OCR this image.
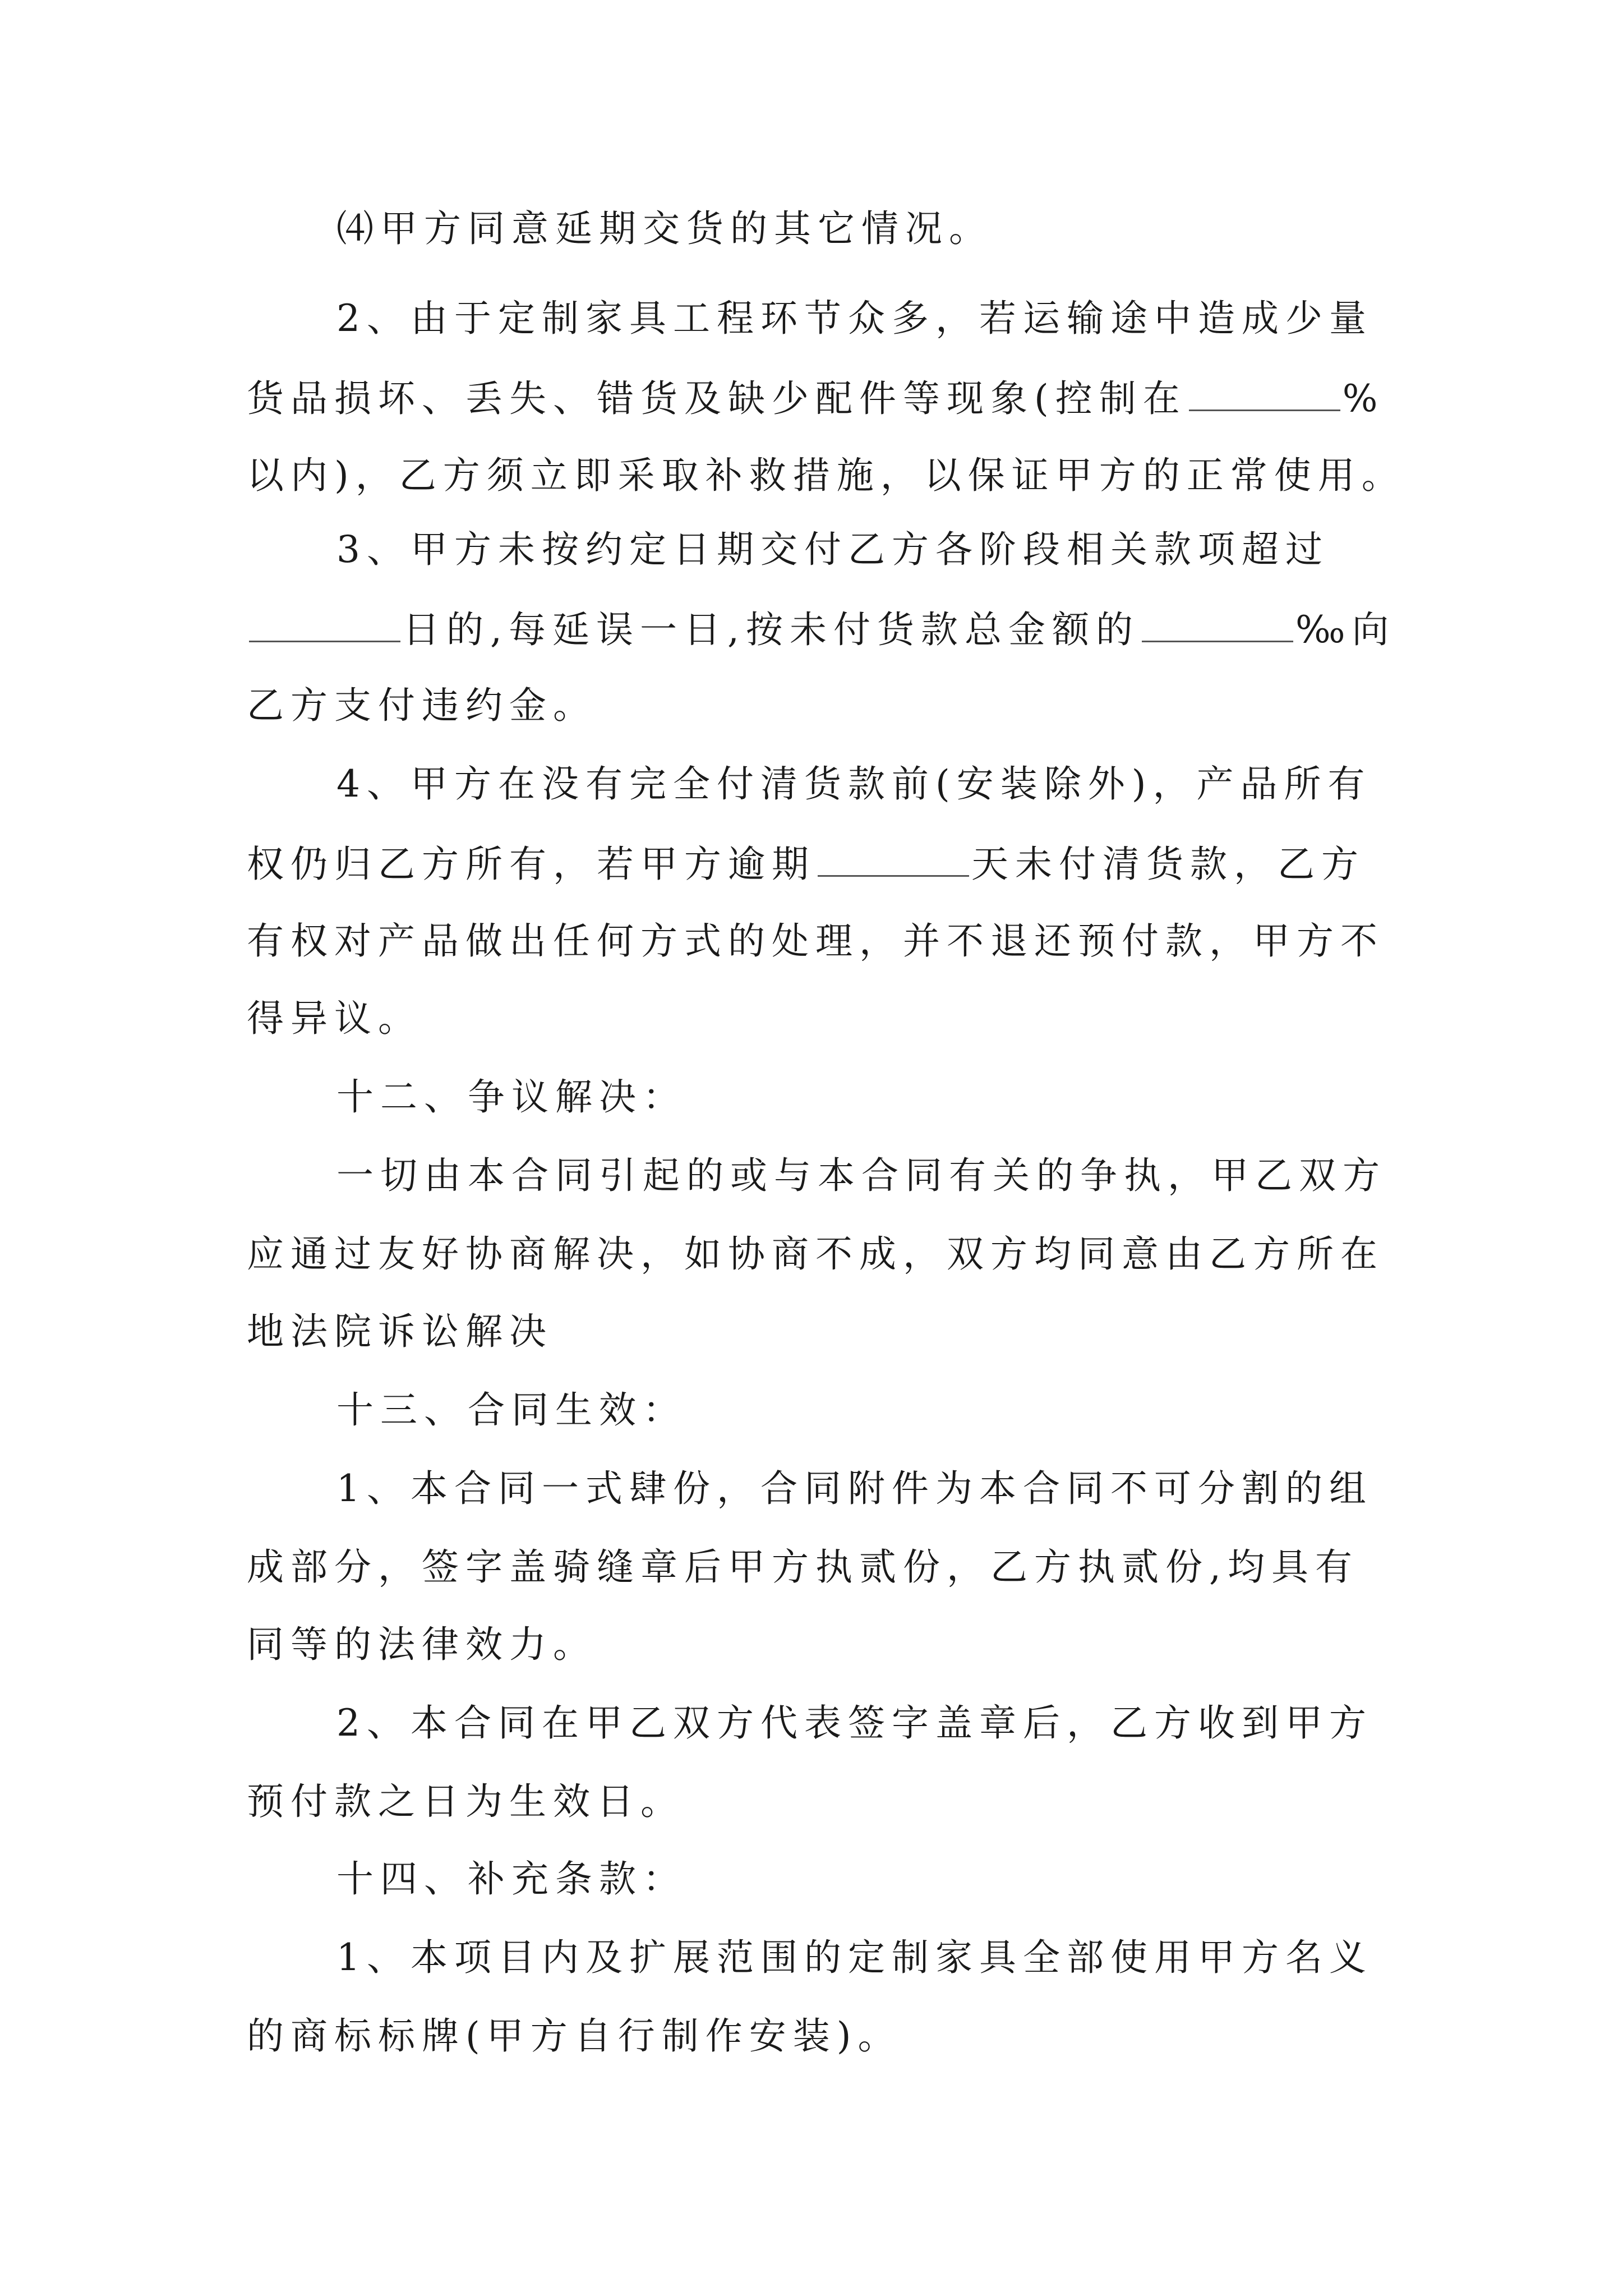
⑷甲方同意延期交货的其它情况。
2、由于定制家具工程环节众多，若运输途中造成少量
货品损坏、丢失、错货及缺少配件等现象(控制在	%
以内)，乙方须立即采取补救措施，以保证甲方的正常使用。
3、甲方未按约定日期交付乙方各阶段相关款项超过
日的,每延误一日,按未付货款总金额的	‰向
乙方支付违约金。
4、甲方在没有完全付清货款前(安装除外)，产品所有
权仍归乙方所有，若甲方逾期	天未付清货款，乙方
有权对产品做出任何方式的处理，并不退还预付款，甲方不
得异议。
十二、争议解决：
一切由本合同引起的或与本合同有关的争执，甲乙双方
应通过友好协商解决，如协商不成，双方均同意由乙方所在
地法院诉讼解决
十三、合同生效：
1、本合同一式肆份，合同附件为本合同不可分割的组
成部分，签字盖骑缝章后甲方执贰份，乙方执贰份,均具有
同等的法律效力。
2、本合同在甲乙双方代表签字盖章后，乙方收到甲方
预付款之日为生效日。
十四、补充条款：
1、本项目内及扩展范围的定制家具全部使用甲方名义
的商标标牌(甲方自行制作安装)。
